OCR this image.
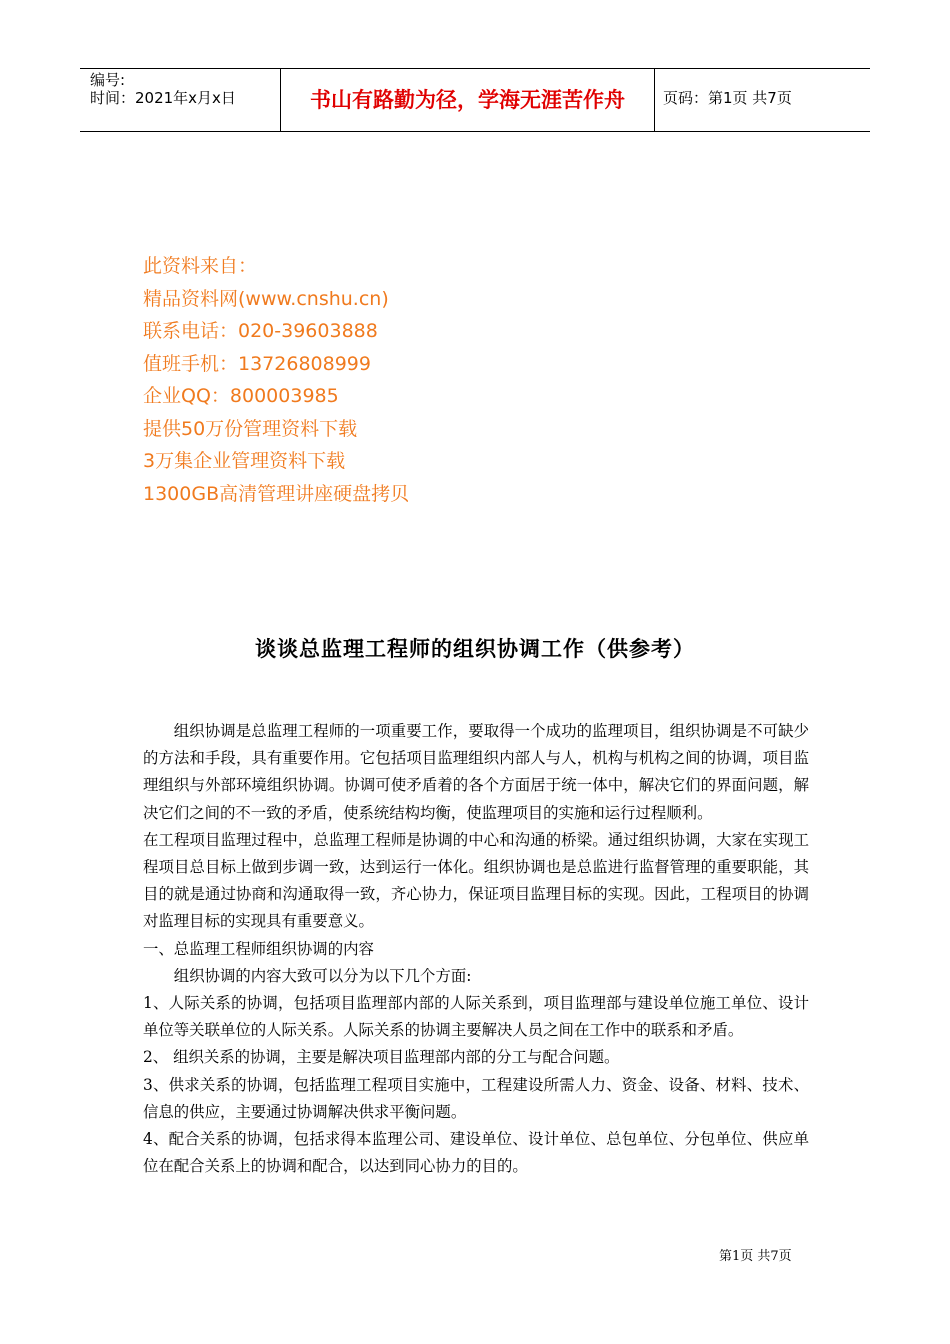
编号:
时间：2021年x月x日	书山有路勤为径，学海无涯苦作舟	页码：第1页 共7页
此资料来自：
精品资料网(www.cnshu.cn)
联系电话：020-39603888
值班手机：13726808999
企业QQ：800003985
提供50万份管理资料下载
3万集企业管理资料下载
1300GB高清管理讲座硬盘拷贝
谈谈总监理工程师的组织协调工作（供参考）

组织协调是总监理工程师的一项重要工作，要取得一个成功的监理项目，组织协调是不可缺少的方法和手段，具有重要作用。它包括项目监理组织内部人与人，机构与机构之间的协调，项目监理组织与外部环境组织协调。协调可使矛盾着的各个方面居于统一体中，解决它们的界面问题，解决它们之间的不一致的矛盾，使系统结构均衡，使监理项目的实施和运行过程顺利。

在工程项目监理过程中，总监理工程师是协调的中心和沟通的桥梁。通过组织协调，大家在实现工程项目总目标上做到步调一致，达到运行一体化。组织协调也是总监进行监督管理的重要职能，其目的就是通过协商和沟通取得一致，齐心协力，保证项目监理目标的实现。因此，工程项目的协调对监理目标的实现具有重要意义。

一、总监理工程师组织协调的内容

组织协调的内容大致可以分为以下几个方面:

1、人际关系的协调，包括项目监理部内部的人际关系到，项目监理部与建设单位施工单位、设计单位等关联单位的人际关系。人际关系的协调主要解决人员之间在工作中的联系和矛盾。

2、 组织关系的协调，主要是解决项目监理部内部的分工与配合问题。

3、供求关系的协调，包括监理工程项目实施中，工程建设所需人力、资金、设备、材料、技术、信息的供应，主要通过协调解决供求平衡问题。

4、配合关系的协调，包括求得本监理公司、建设单位、设计单位、总包单位、分包单位、供应单位在配合关系上的协调和配合，以达到同心协力的目的。

第1页 共7页
